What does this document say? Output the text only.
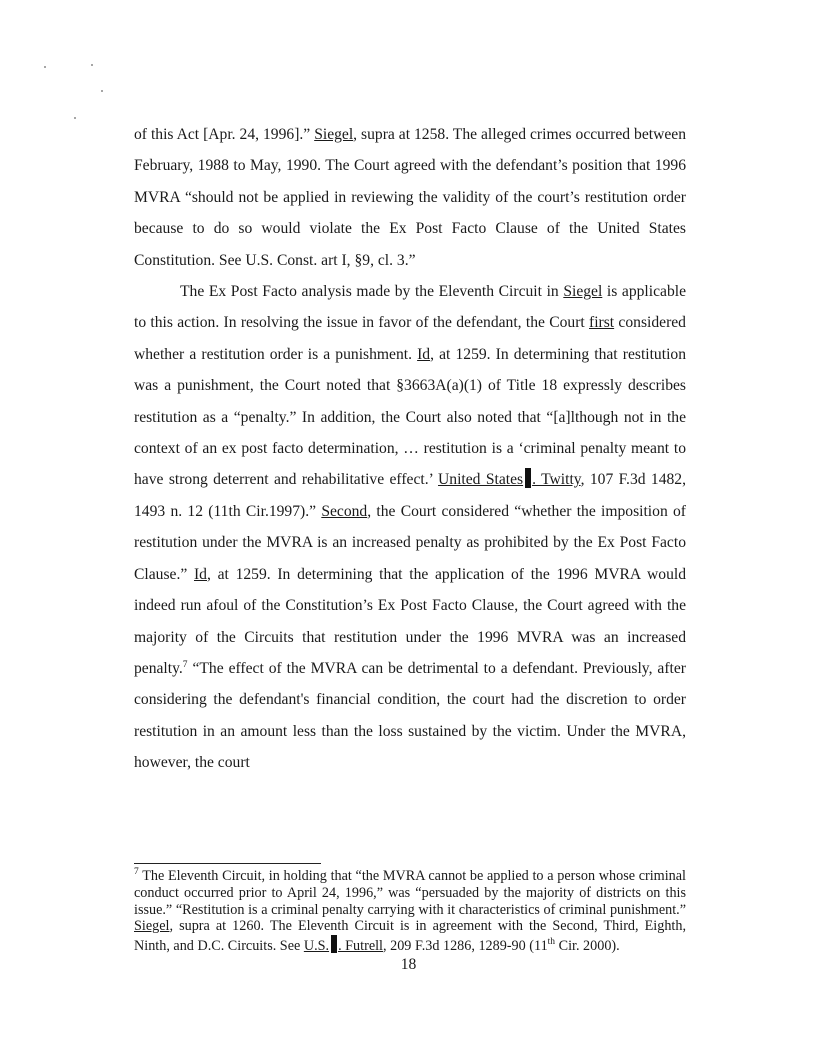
of this Act [Apr. 24, 1996].” Siegel, supra at 1258. The alleged crimes occurred between February, 1988 to May, 1990. The Court agreed with the defendant’s position that 1996 MVRA “should not be applied in reviewing the validity of the court’s restitution order because to do so would violate the Ex Post Facto Clause of the United States Constitution. See U.S. Const. art I, §9, cl. 3.”

The Ex Post Facto analysis made by the Eleventh Circuit in Siegel is applicable to this action. In resolving the issue in favor of the defendant, the Court first considered whether a restitution order is a punishment. Id, at 1259. In determining that restitution was a punishment, the Court noted that §3663A(a)(1) of Title 18 expressly describes restitution as a “penalty.” In addition, the Court also noted that “[a]lthough not in the context of an ex post facto determination, … restitution is a ‘criminal penalty meant to have strong deterrent and rehabilitative effect.’ United States . Twitty, 107 F.3d 1482, 1493 n. 12 (11th Cir.1997).” Second, the Court considered “whether the imposition of restitution under the MVRA is an increased penalty as prohibited by the Ex Post Facto Clause.” Id, at 1259. In determining that the application of the 1996 MVRA would indeed run afoul of the Constitution’s Ex Post Facto Clause, the Court agreed with the majority of the Circuits that restitution under the 1996 MVRA was an increased penalty.$^7$ “The effect of the MVRA can be detrimental to a defendant. Previously, after considering the defendant's financial condition, the court had the discretion to order restitution in an amount less than the loss sustained by the victim. Under the MVRA, however, the court

$^7$ The Eleventh Circuit, in holding that “the MVRA cannot be applied to a person whose criminal conduct occurred prior to April 24, 1996,” was “persuaded by the majority of districts on this issue.” “Restitution is a criminal penalty carrying with it characteristics of criminal punishment.” Siegel, supra at 1260. The Eleventh Circuit is in agreement with the Second, Third, Eighth, Ninth, and D.C. Circuits. See U.S. . Futrell, 209 F.3d 1286, 1289-90 (11th Cir. 2000).
18
